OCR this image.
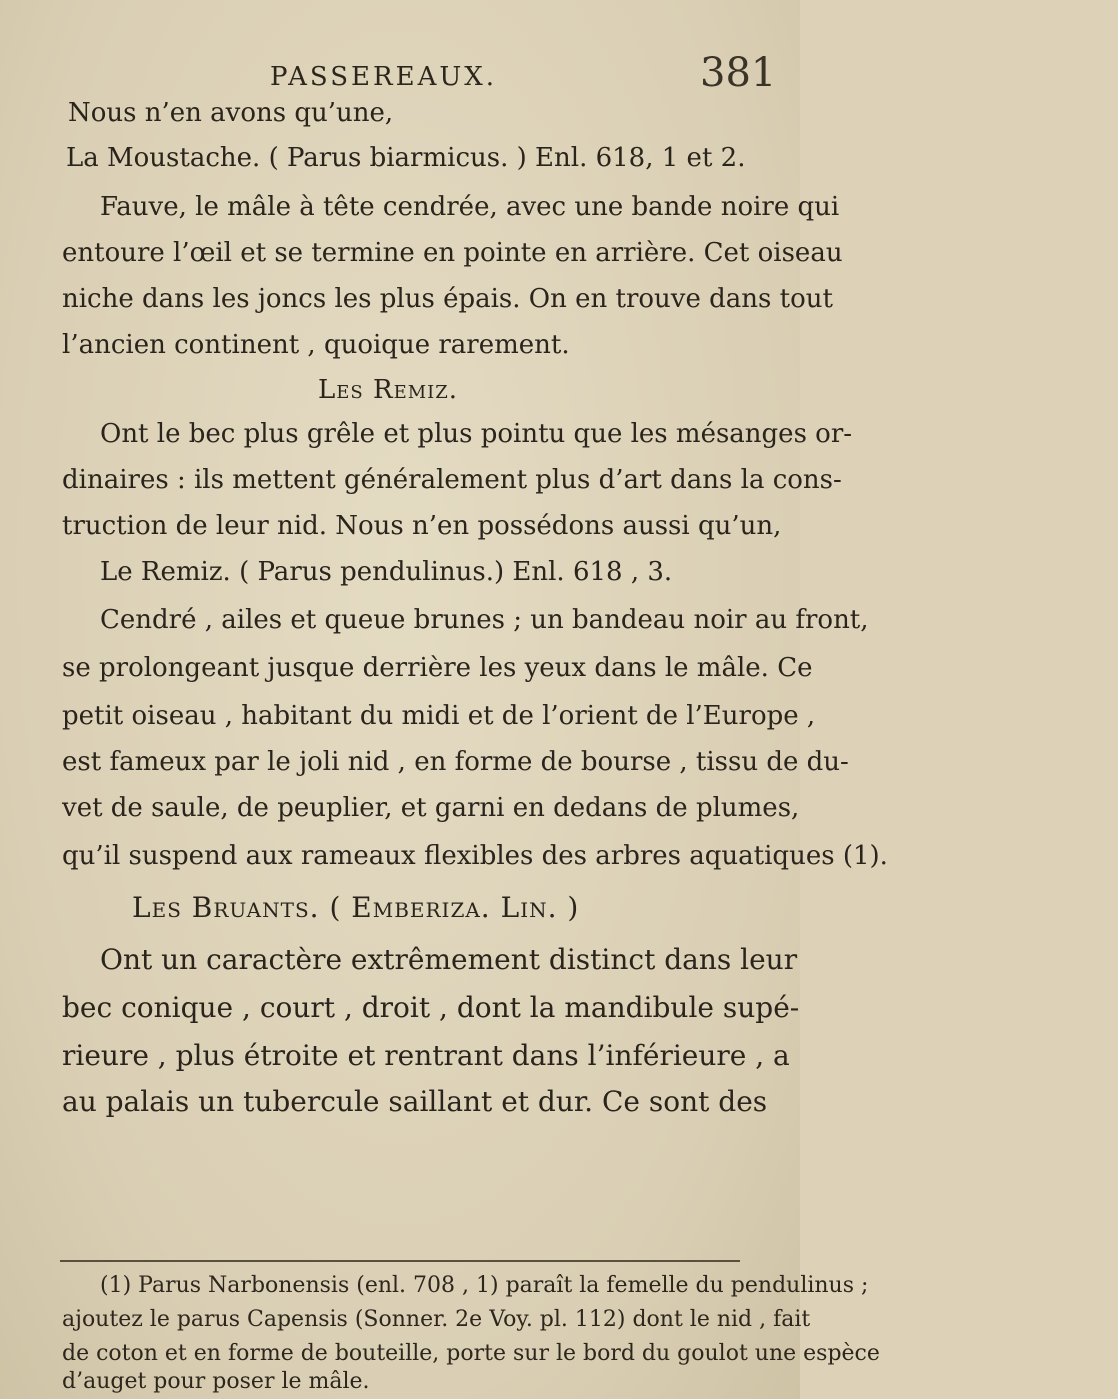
PASSEREAUX.	381
Nous n’en avons qu’une,
La Moustache. ( Parus biarmicus. ) Enl. 618, 1 et 2.
Fauve, le mâle à tête cendrée, avec une bande noire qui
entoure l’œil et se termine en pointe en arrière. Cet oiseau
niche dans les joncs les plus épais. On en trouve dans tout
l’ancien continent , quoique rarement.
Les Remiz.
Ont le bec plus grêle et plus pointu que les mésanges or-
dinaires : ils mettent généralement plus d’art dans la cons-
truction de leur nid. Nous n’en possédons aussi qu’un,
Le Remiz. ( Parus pendulinus.) Enl. 618 , 3.
Cendré , ailes et queue brunes ; un bandeau noir au front,
se prolongeant jusque derrière les yeux dans le mâle. Ce
petit oiseau , habitant du midi et de l’orient de l’Europe ,
est fameux par le joli nid , en forme de bourse , tissu de du-
vet de saule, de peuplier, et garni en dedans de plumes,
qu’il suspend aux rameaux flexibles des arbres aquatiques (1).
Les Bruants. ( Emberiza. Lin. )
Ont un caractère extrêmement distinct dans leur
bec conique , court , droit , dont la mandibule supé-
rieure , plus étroite et rentrant dans l’inférieure , a
au palais un tubercule saillant et dur. Ce sont des
(1) Parus Narbonensis (enl. 708 , 1) paraît la femelle du pendulinus ;
ajoutez le parus Capensis (Sonner. 2e Voy. pl. 112) dont le nid , fait
de coton et en forme de bouteille, porte sur le bord du goulot une espèce
d’auget pour poser le mâle.
